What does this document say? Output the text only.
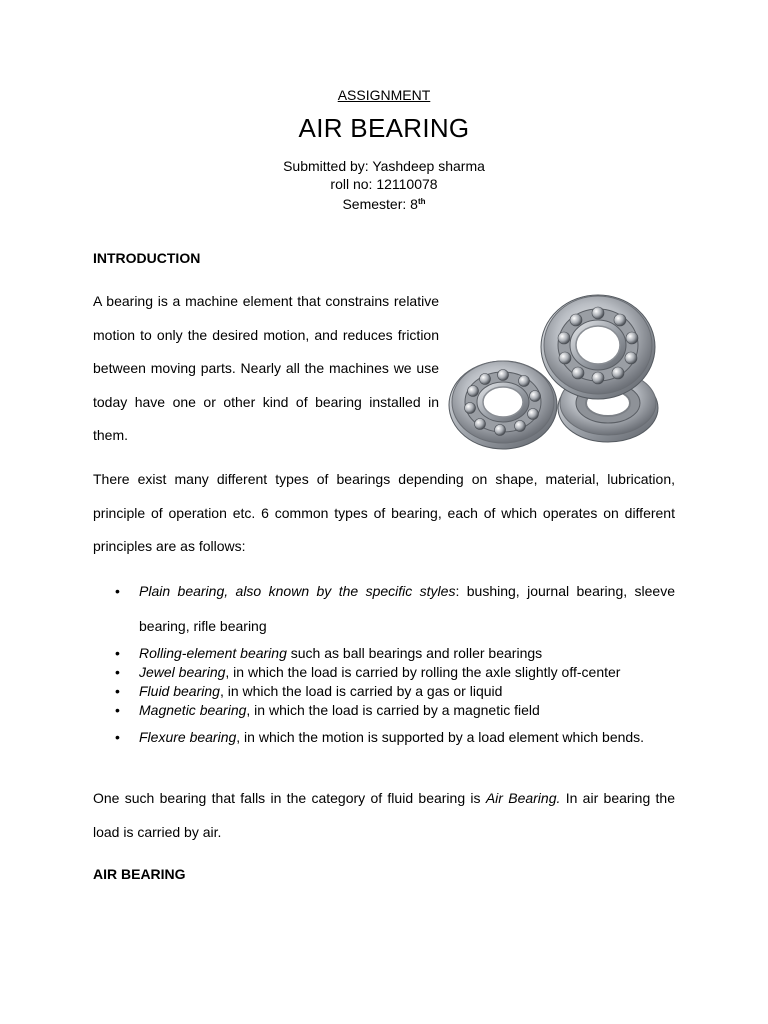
ASSIGNMENT
AIR BEARING
Submitted by: Yashdeep sharma
roll no: 12110078
Semester: 8th
INTRODUCTION
A bearing is a machine element that constrains relative motion to only the desired motion, and reduces friction between moving parts. Nearly all the machines we use today have one or other kind of bearing installed in them.
There exist many different types of bearings depending on shape, material, lubrication, principle of operation etc. 6 common types of bearing, each of which operates on different principles are as follows:
• Plain bearing, also known by the specific styles: bushing, journal bearing, sleeve bearing, rifle bearing
• Rolling-element bearing such as ball bearings and roller bearings
• Jewel bearing, in which the load is carried by rolling the axle slightly off-center
• Fluid bearing, in which the load is carried by a gas or liquid
• Magnetic bearing, in which the load is carried by a magnetic field
• Flexure bearing, in which the motion is supported by a load element which bends.
One such bearing that falls in the category of fluid bearing is Air Bearing. In air bearing the load is carried by air.
AIR BEARING
